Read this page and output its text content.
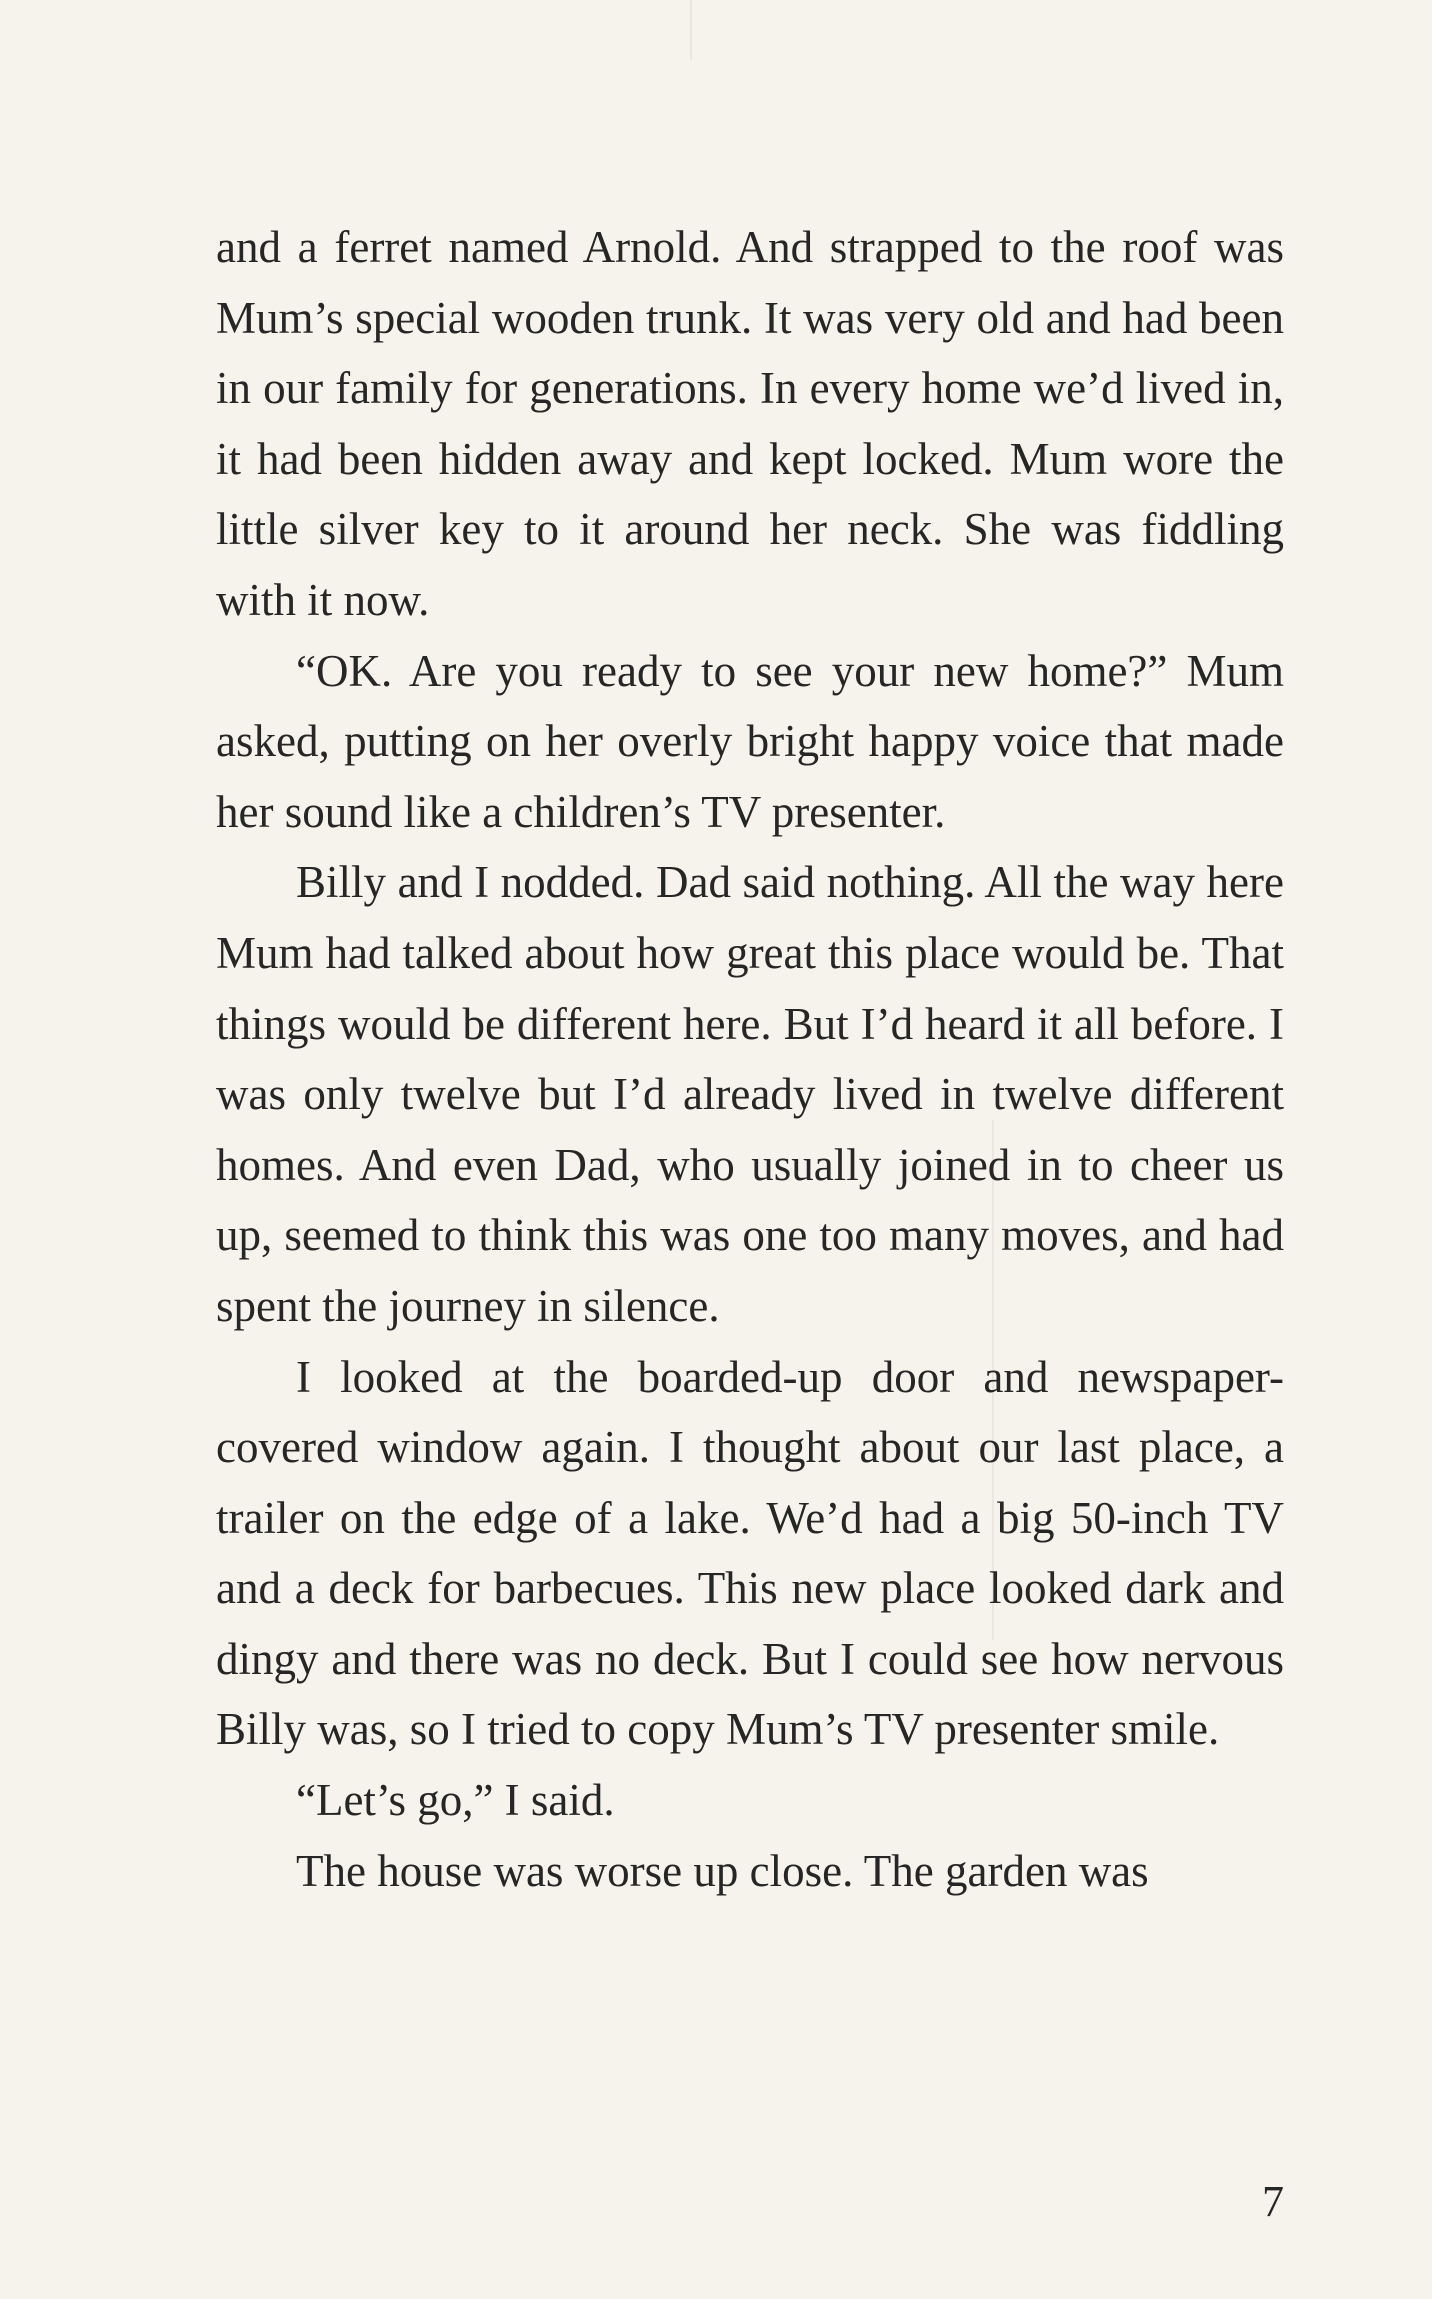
and a ferret named Arnold. And strapped to the roof was Mum’s special wooden trunk. It was very old and had been in our family for generations. In every home we’d lived in, it had been hidden away and kept locked. Mum wore the little silver key to it around her neck. She was fiddling with it now.

“OK. Are you ready to see your new home?” Mum asked, putting on her overly bright happy voice that made her sound like a children’s TV presenter.

Billy and I nodded. Dad said nothing. All the way here Mum had talked about how great this place would be. That things would be different here. But I’d heard it all before. I was only twelve but I’d already lived in twelve different homes. And even Dad, who usually joined in to cheer us up, seemed to think this was one too many moves, and had spent the journey in silence.

I looked at the boarded-up door and newspaper-covered window again. I thought about our last place, a trailer on the edge of a lake. We’d had a big 50-inch TV and a deck for barbecues. This new place looked dark and dingy and there was no deck. But I could see how nervous Billy was, so I tried to copy Mum’s TV presenter smile.

“Let’s go,” I said.

The house was worse up close. The garden was

7
